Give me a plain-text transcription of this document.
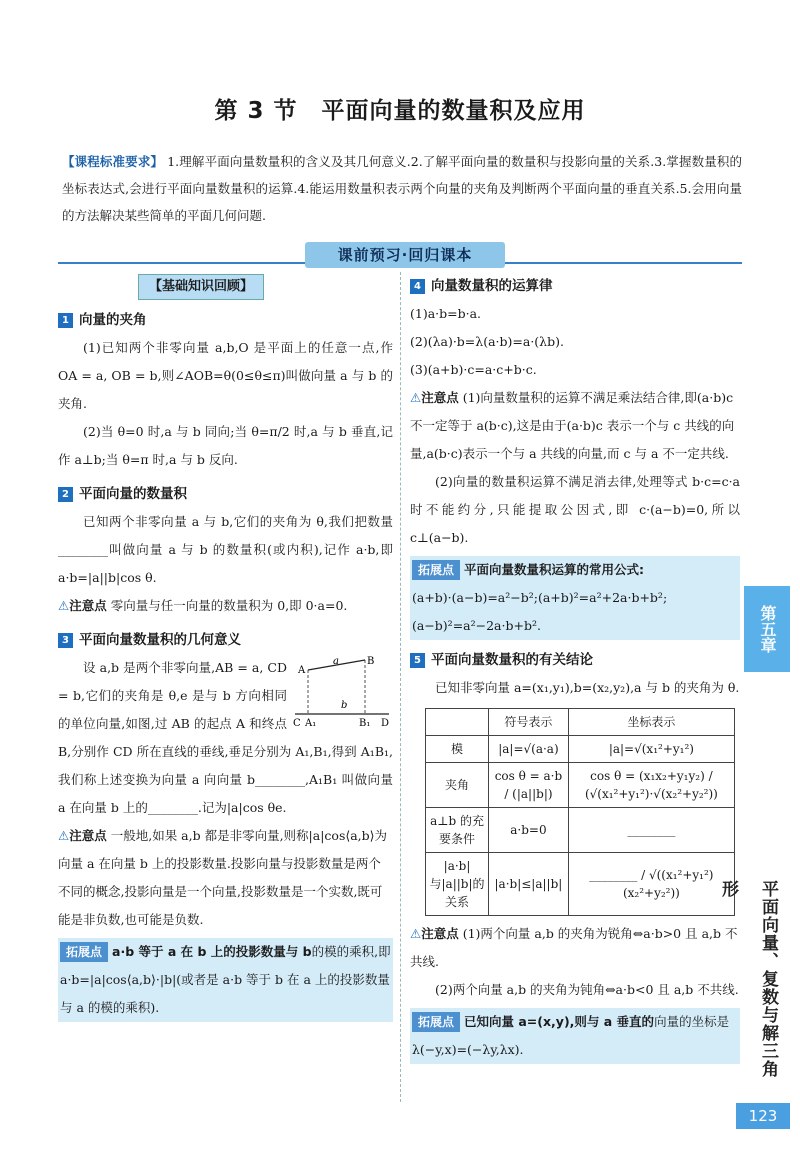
第 3 节　平面向量的数量积及应用
【课程标准要求】 1.理解平面向量数量积的含义及其几何意义.2.了解平面向量的数量积与投影向量的关系.3.掌握数量积的坐标表达式,会进行平面向量数量积的运算.4.能运用数量积表示两个向量的夹角及判断两个平面向量的垂直关系.5.会用向量的方法解决某些简单的平面几何问题.
课前预习·回归课本
【基础知识回顾】
1 向量的夹角

(1)已知两个非零向量 a,b,O 是平面上的任意一点,作 OA = a, OB = b,则∠AOB=θ(0≤θ≤π)叫做向量 a 与 b 的夹角.

(2)当 θ=0 时,a 与 b 同向;当 θ=π/2 时,a 与 b 垂直,记作 a⊥b;当 θ=π 时,a 与 b 反向.

2 平面向量的数量积

已知两个非零向量 a 与 b,它们的夹角为 θ,我们把数量________叫做向量 a 与 b 的数量积(或内积),记作 a·b,即 a·b=|a||b|cos θ.

⚠注意点 零向量与任一向量的数量积为 0,即 0·a=0.
3 平面向量数量积的几何意义
a
b
A
B
C A₁	B₁ D

设 a,b 是两个非零向量,AB = a, CD = b,它们的夹角是 θ,e 是与 b 方向相同的单位向量,如图,过 AB 的起点 A 和终点 B,分别作 CD 所在直线的垂线,垂足分别为 A₁,B₁,得到 A₁B₁,我们称上述变换为向量 a 向向量 b________,A₁B₁ 叫做向量 a 在向量 b 上的________.记为|a|cos θe.

⚠注意点 一般地,如果 a,b 都是非零向量,则称|a|cos⟨a,b⟩为向量 a 在向量 b 上的投影数量.投影向量与投影数量是两个不同的概念,投影向量是一个向量,投影数量是一个实数,既可能是非负数,也可能是负数.
拓展点 a·b 等于 a 在 b 上的投影数量与 b的模的乘积,即 a·b=|a|cos⟨a,b⟩·|b|(或者是 a·b 等于 b 在 a 上的投影数量与 a 的模的乘积).
4 向量数量积的运算律
(1)a·b=b·a.
(2)(λa)·b=λ(a·b)=a·(λb).
(3)(a+b)·c=a·c+b·c.
⚠注意点 (1)向量数量积的运算不满足乘法结合律,即(a·b)c 不一定等于 a(b·c),这是由于(a·b)c 表示一个与 c 共线的向量,a(b·c)表示一个与 a 共线的向量,而 c 与 a 不一定共线.

(2)向量的数量积运算不满足消去律,处理等式 b·c=c·a 时不能约分,只能提取公因式,即 c·(a−b)=0,所以 c⊥(a−b).

拓展点 平面向量数量积运算的常用公式:
(a+b)·(a−b)=a²−b²;(a+b)²=a²+2a·b+b²;(a−b)²=a²−2a·b+b².
5 平面向量数量积的有关结论

已知非零向量 a=(x₁,y₁),b=(x₂,y₂),a 与 b 的夹角为 θ.

	符号表示	坐标表示
模	|a|=√(a·a)	|a|=√(x₁²+y₁²)
夹角	cos θ = a·b / (|a||b|)	cos θ = (x₁x₂+y₁y₂) / (√(x₁²+y₁²)·√(x₂²+y₂²))
a⊥b 的充要条件	a·b=0	________
|a·b|与|a||b|的关系	|a·b|≤|a||b|	________ / √((x₁²+y₁²)(x₂²+y₂²))
⚠注意点 (1)两个向量 a,b 的夹角为锐角⇔a·b>0 且 a,b 不共线.

(2)两个向量 a,b 的夹角为钝角⇔a·b<0 且 a,b 不共线.

拓展点 已知向量 a=(x,y),则与 a 垂直的向量的坐标是λ(−y,x)=(−λy,λx).
第五章
平面向量、复数与解三角形
123
